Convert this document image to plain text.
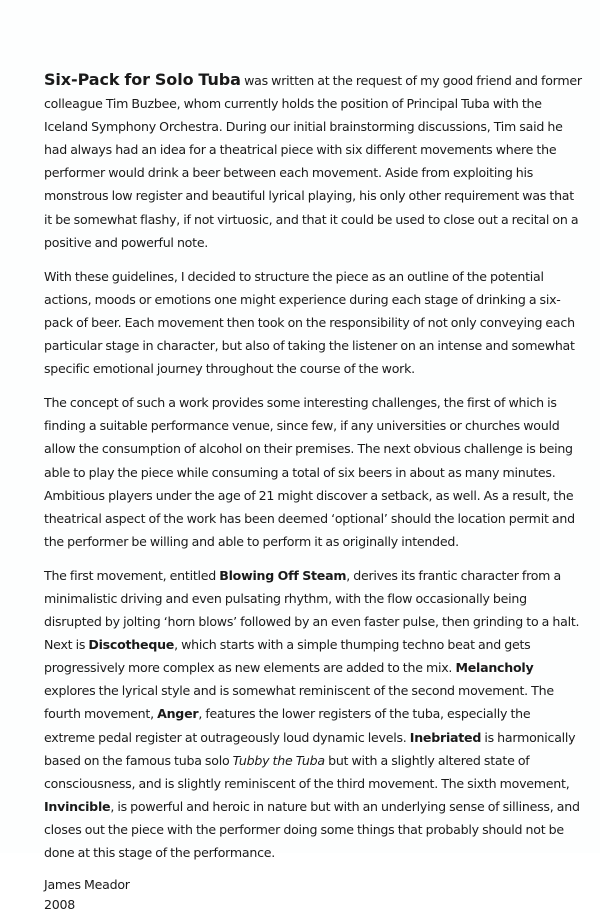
Six-Pack for Solo Tuba was written at the request of my good friend and former colleague Tim Buzbee, whom currently holds the position of Principal Tuba with the Iceland Symphony Orchestra. During our initial brainstorming discussions, Tim said he had always had an idea for a theatrical piece with six different movements where the performer would drink a beer between each movement. Aside from exploiting his monstrous low register and beautiful lyrical playing, his only other requirement was that it be somewhat flashy, if not virtuosic, and that it could be used to close out a recital on a positive and powerful note.

With these guidelines, I decided to structure the piece as an outline of the potential actions, moods or emotions one might experience during each stage of drinking a six-pack of beer. Each movement then took on the responsibility of not only conveying each particular stage in character, but also of taking the listener on an intense and somewhat specific emotional journey throughout the course of the work.

The concept of such a work provides some interesting challenges, the first of which is finding a suitable performance venue, since few, if any universities or churches would allow the consumption of alcohol on their premises. The next obvious challenge is being able to play the piece while consuming a total of six beers in about as many minutes. Ambitious players under the age of 21 might discover a setback, as well. As a result, the theatrical aspect of the work has been deemed ‘optional’ should the location permit and the performer be willing and able to perform it as originally intended.

The first movement, entitled Blowing Off Steam, derives its frantic character from a minimalistic driving and even pulsating rhythm, with the flow occasionally being disrupted by jolting ‘horn blows’ followed by an even faster pulse, then grinding to a halt. Next is Discotheque, which starts with a simple thumping techno beat and gets progressively more complex as new elements are added to the mix. Melancholy explores the lyrical style and is somewhat reminiscent of the second movement. The fourth movement, Anger, features the lower registers of the tuba, especially the extreme pedal register at outrageously loud dynamic levels. Inebriated is harmonically based on the famous tuba solo Tubby the Tuba but with a slightly altered state of consciousness, and is slightly reminiscent of the third movement. The sixth movement, Invincible, is powerful and heroic in nature but with an underlying sense of silliness, and closes out the piece with the performer doing some things that probably should not be done at this stage of the performance.

James Meador
2008
